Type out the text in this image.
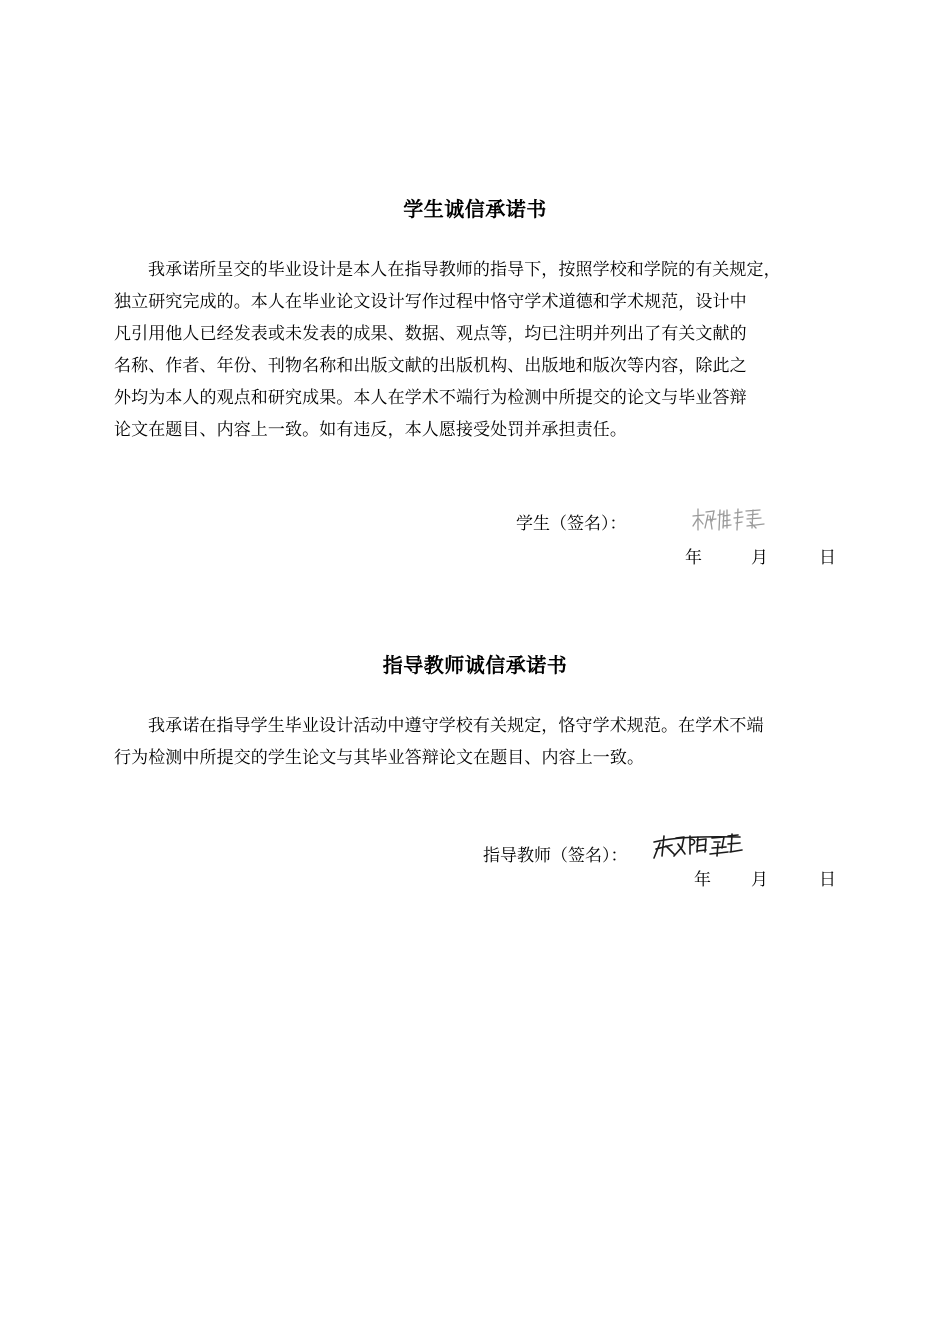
学生诚信承诺书
我承诺所呈交的毕业设计是本人在指导教师的指导下，按照学校和学院的有关规定，
独立研究完成的。本人在毕业论文设计写作过程中恪守学术道德和学术规范，设计中
凡引用他人已经发表或未发表的成果、数据、观点等，均已注明并列出了有关文献的
名称、作者、年份、刊物名称和出版文献的出版机构、出版地和版次等内容，除此之
外均为本人的观点和研究成果。本人在学术不端行为检测中所提交的论文与毕业答辩
论文在题目、内容上一致。如有违反，本人愿接受处罚并承担责任。
学生（签名）：
年	月	日
指导教师诚信承诺书
我承诺在指导学生毕业设计活动中遵守学校有关规定，恪守学术规范。在学术不端
行为检测中所提交的学生论文与其毕业答辩论文在题目、内容上一致。
指导教师（签名）：
年 月	日
